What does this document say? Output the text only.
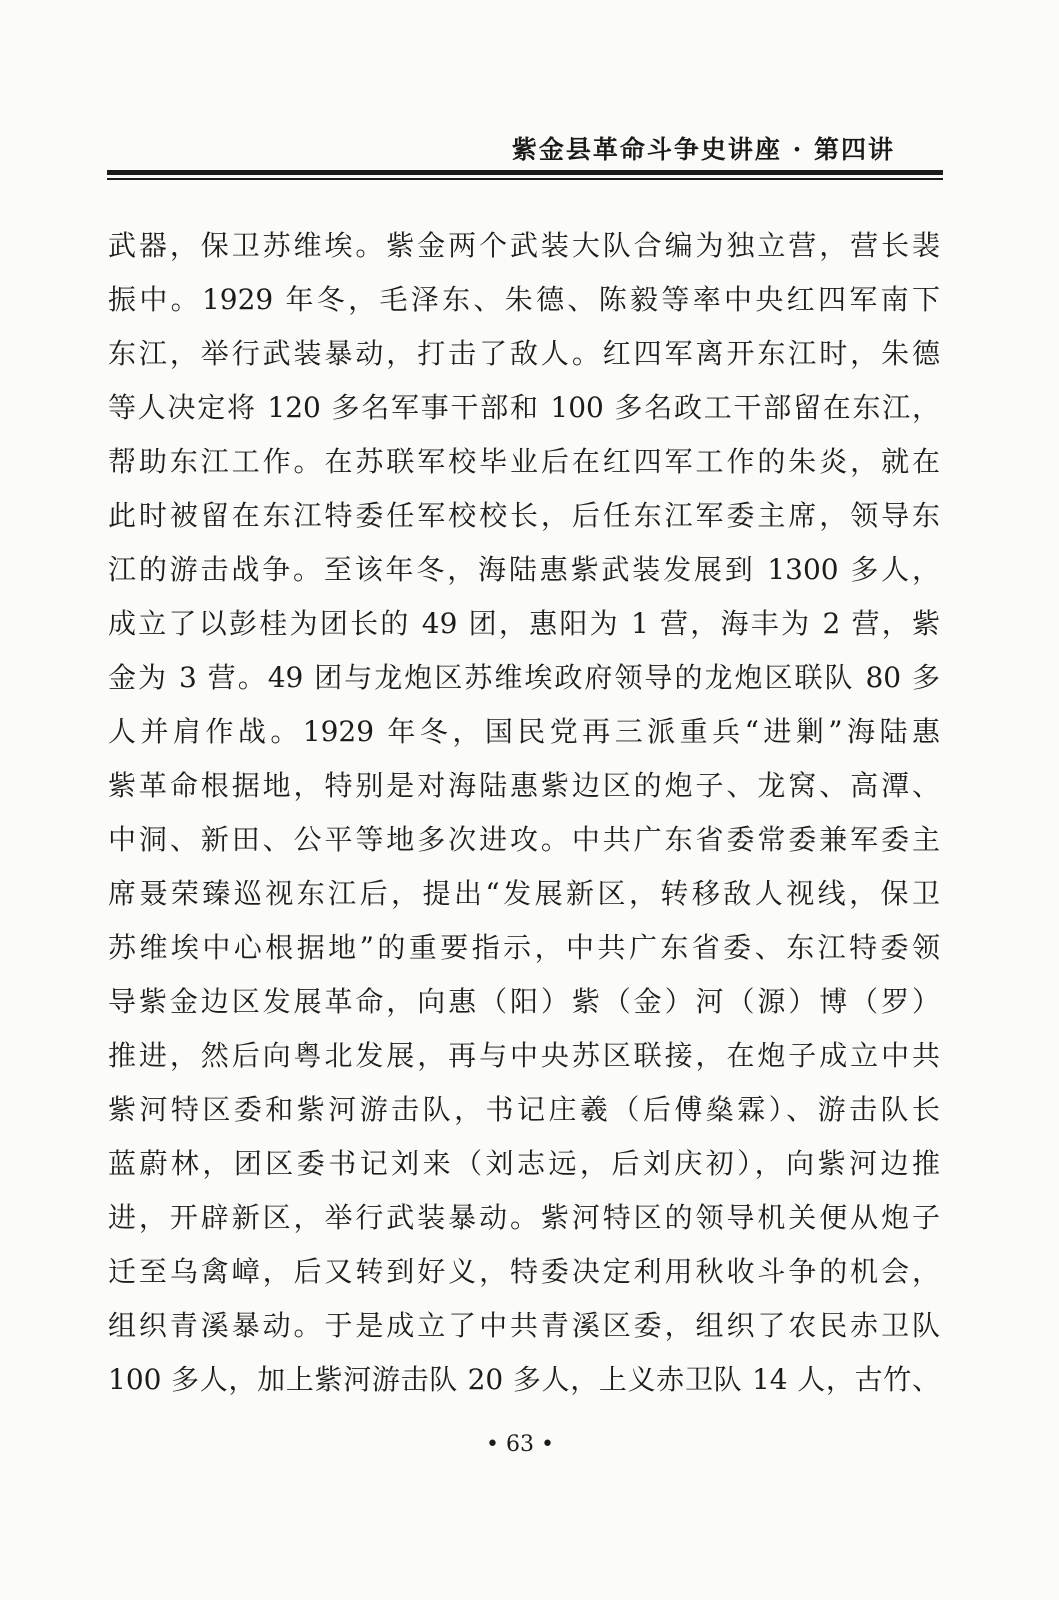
紫金县革命斗争史讲座 · 第四讲
武器，保卫苏维埃。紫金两个武装大队合编为独立营，营长裴
振中。1929 年冬，毛泽东、朱德、陈毅等率中央红四军南下
东江，举行武装暴动，打击了敌人。红四军离开东江时，朱德
等人决定将 120 多名军事干部和 100 多名政工干部留在东江，
帮助东江工作。在苏联军校毕业后在红四军工作的朱炎，就在
此时被留在东江特委任军校校长，后任东江军委主席，领导东
江的游击战争。至该年冬，海陆惠紫武装发展到 1300 多人，
成立了以彭桂为团长的 49 团，惠阳为 1 营，海丰为 2 营，紫
金为 3 营。49 团与龙炮区苏维埃政府领导的龙炮区联队 80 多
人并肩作战。1929 年冬，国民党再三派重兵“进剿”海陆惠
紫革命根据地，特别是对海陆惠紫边区的炮子、龙窝、高潭、
中洞、新田、公平等地多次进攻。中共广东省委常委兼军委主
席聂荣臻巡视东江后，提出“发展新区，转移敌人视线，保卫
苏维埃中心根据地”的重要指示，中共广东省委、东江特委领
导紫金边区发展革命，向惠（阳）紫（金）河（源）博（罗）
推进，然后向粤北发展，再与中央苏区联接，在炮子成立中共
紫河特区委和紫河游击队，书记庄羲（后傅燊霖）、游击队长
蓝蔚林，团区委书记刘来（刘志远，后刘庆初），向紫河边推
进，开辟新区，举行武装暴动。紫河特区的领导机关便从炮子
迁至乌禽嶂，后又转到好义，特委决定利用秋收斗争的机会，
组织青溪暴动。于是成立了中共青溪区委，组织了农民赤卫队
100 多人，加上紫河游击队 20 多人，上义赤卫队 14 人，古竹、
• 63 •
